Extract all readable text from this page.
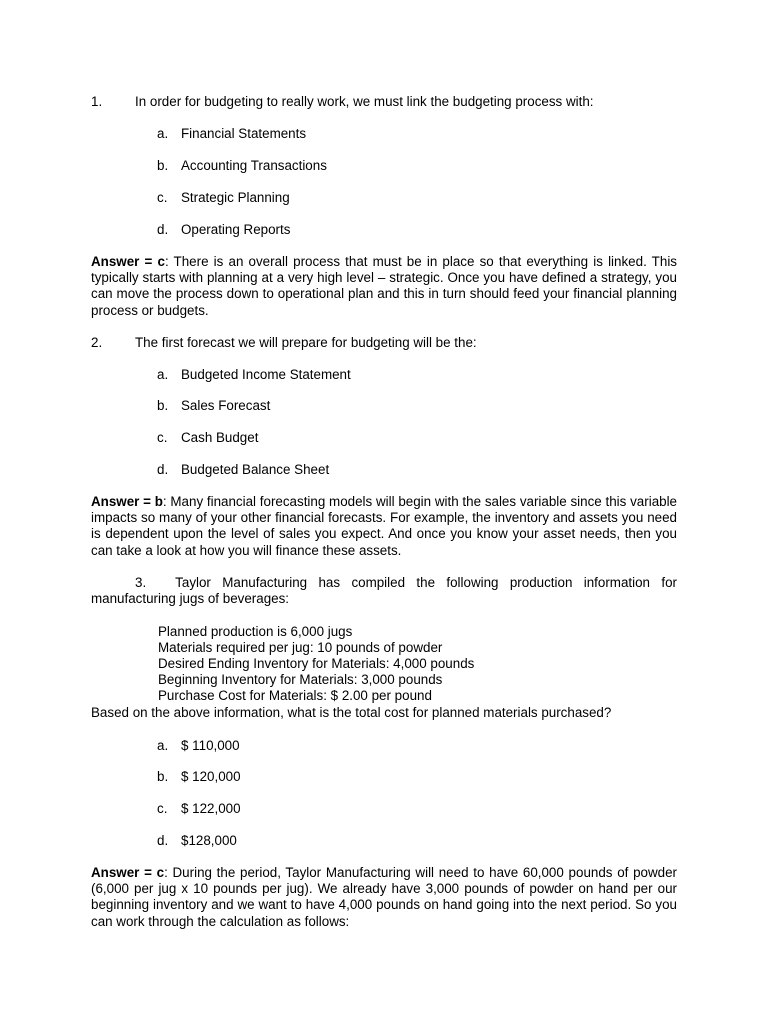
1. In order for budgeting to really work, we must link the budgeting process with:
a. Financial Statements
b. Accounting Transactions
c. Strategic Planning
d. Operating Reports
Answer = c: There is an overall process that must be in place so that everything is linked. This typically starts with planning at a very high level – strategic. Once you have defined a strategy, you can move the process down to operational plan and this in turn should feed your financial planning process or budgets.
2. The first forecast we will prepare for budgeting will be the:
a. Budgeted Income Statement
b. Sales Forecast
c. Cash Budget
d. Budgeted Balance Sheet
Answer = b: Many financial forecasting models will begin with the sales variable since this variable impacts so many of your other financial forecasts. For example, the inventory and assets you need is dependent upon the level of sales you expect. And once you know your asset needs, then you can take a look at how you will finance these assets.
3. Taylor Manufacturing has compiled the following production information for manufacturing jugs of beverages:
Planned production is 6,000 jugs
Materials required per jug: 10 pounds of powder
Desired Ending Inventory for Materials: 4,000 pounds
Beginning Inventory for Materials: 3,000 pounds
Purchase Cost for Materials: $ 2.00 per pound
Based on the above information, what is the total cost for planned materials purchased?
a. $ 110,000
b. $ 120,000
c. $ 122,000
d. $128,000
Answer = c: During the period, Taylor Manufacturing will need to have 60,000 pounds of powder (6,000 per jug x 10 pounds per jug). We already have 3,000 pounds of powder on hand per our beginning inventory and we want to have 4,000 pounds on hand going into the next period. So you can work through the calculation as follows:
